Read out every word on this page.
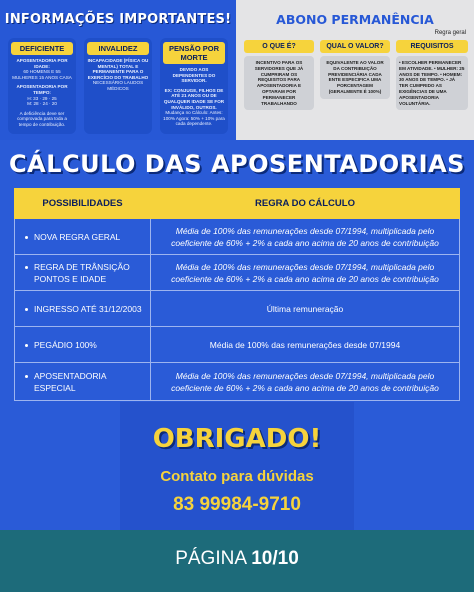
INFORMAÇÕES IMPORTANTES!
DEFICIENTE

APOSENTADORIA POR IDADE:
60 HOMENS E 55 MULHERES 15 ANOS CASA

APOSENTADORIA POR TEMPO:
H: 33 · 29 · 25
M: 28 · 24 · 20

A deficiência deve ser comprovada para toda a tempo de contribuição.

INVALIDEZ

INCAPACIDADE (FÍSICA OU MENTAL) TOTAL E PERMANENTE PARA O EXERCÍCIO DO TRABALHO
NECESSÁRIO LAUDOS MÉDICOS

PENSÃO POR MORTE

DEVIDO AOS DEPENDENTES DO SERVIDOR.

EX: CONJUGE, FILHOS DE ATÉ 21 ANOS OU DE QUALQUER IDADE SE FOR INVÁLIDO, OUTROS.
Mudança no Cálculo: Antes: 100% Agora: 50% + 10% para cada dependente.

ABONO PERMANÊNCIA
Regra geral
O QUE É?
INCENTIVO PARA OS SERVIDORES QUE JÁ CUMPRIRAM OS REQUISITOS PARA APOSENTADORIA E OPTARAM POR PERMANECER TRABALHANDO
QUAL O VALOR?
EQUIVALENTE AO VALOR DA CONTRIBUIÇÃO PREVIDENCIÁRIA CADA ENTE ESPECIFICA UMA PORCENTAGEM (GERALMENTE É 100%)
REQUISITOS
• ESCOLHER PERMANECER EM ATIVIDADE. • MULHER: 25 ANOS DE TEMPO. • HOMEM: 30 ANOS DE TEMPO. • JÁ TER CUMPRIDO AS EXIGÊNCIAS DE UMA APOSENTADORIA VOLUNTÁRIA.
CÁLCULO DAS APOSENTADORIAS
POSSIBILIDADES	REGRA DO CÁLCULO

NOVA REGRA GERAL	Média de 100% das remunerações desde 07/1994, multiplicada pelo coeficiente de 60% + 2% a cada ano acima de 20 anos de contribuição

REGRA DE TRÂNSIÇÃO PONTOS E IDADE	Média de 100% das remunerações desde 07/1994, multiplicada pelo coeficiente de 60% + 2% a cada ano acima de 20 anos de contribuição

INGRESSO ATÉ 31/12/2003	Última remuneração

PEGÁDIO 100%	Média de 100% das remunerações desde 07/1994

APOSENTADORIA ESPECIAL	Média de 100% das remunerações desde 07/1994, multiplicada pelo coeficiente de 60% + 2% a cada ano acima de 20 anos de contribuição
OBRIGADO!
Contato para dúvidas
83 99984-9710
PÁGINA 10/10
